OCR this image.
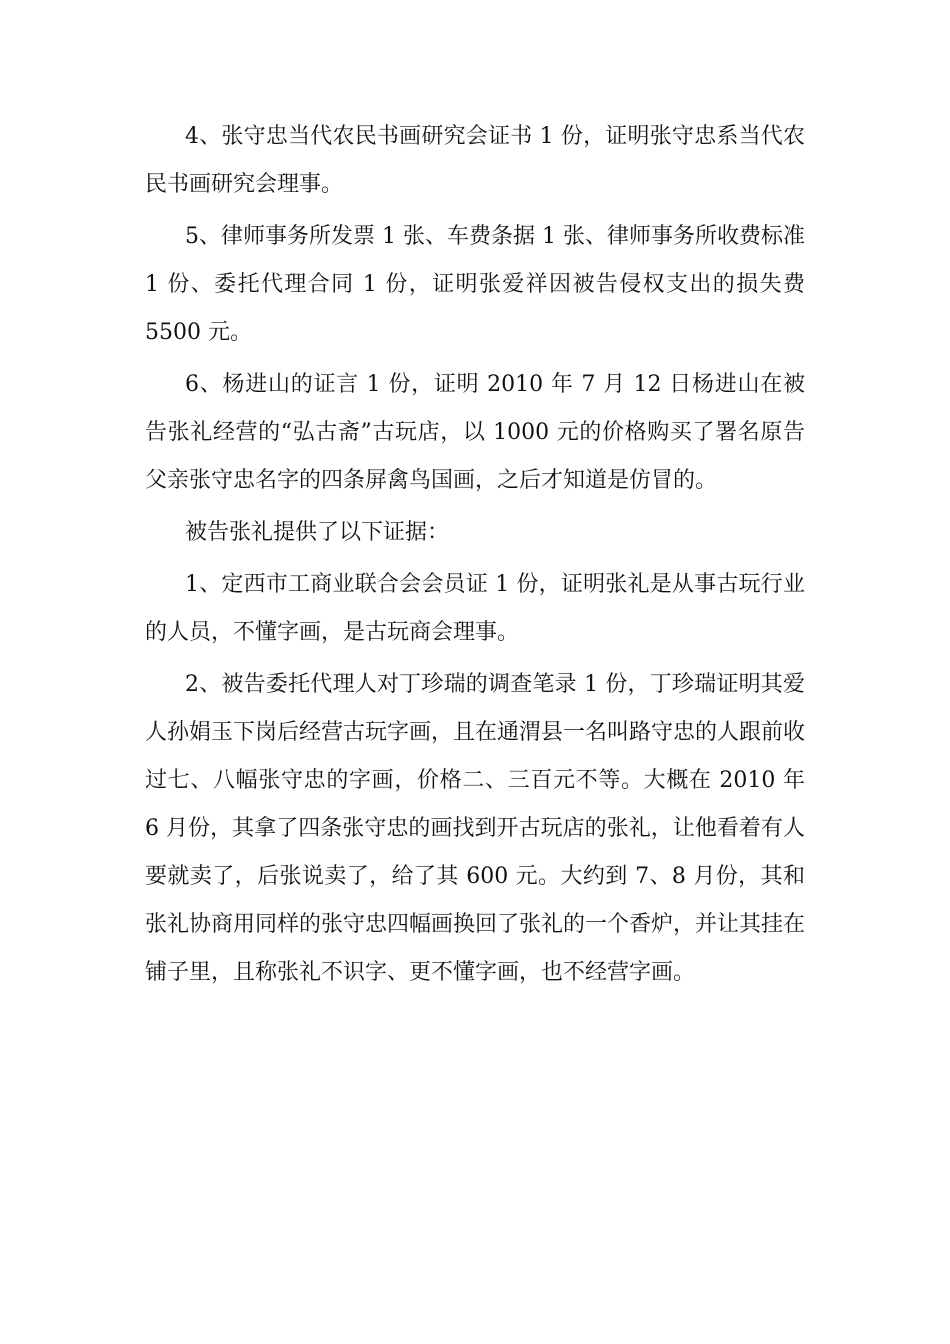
4、张守忠当代农民书画研究会证书 1 份，证明张守忠系当代农民书画研究会理事。

5、律师事务所发票 1 张、车费条据 1 张、律师事务所收费标准 1 份、委托代理合同 1 份，证明张爱祥因被告侵权支出的损失费 5500 元。

6、杨进山的证言 1 份，证明 2010 年 7 月 12 日杨进山在被告张礼经营的“弘古斋”古玩店，以 1000 元的价格购买了署名原告父亲张守忠名字的四条屏禽鸟国画，之后才知道是仿冒的。

被告张礼提供了以下证据：

1、定西市工商业联合会会员证 1 份，证明张礼是从事古玩行业的人员，不懂字画，是古玩商会理事。

2、被告委托代理人对丁珍瑞的调查笔录 1 份，丁珍瑞证明其爱人孙娟玉下岗后经营古玩字画，且在通渭县一名叫路守忠的人跟前收过七、八幅张守忠的字画，价格二、三百元不等。大概在 2010 年 6 月份，其拿了四条张守忠的画找到开古玩店的张礼，让他看着有人要就卖了，后张说卖了，给了其 600 元。大约到 7、8 月份，其和张礼协商用同样的张守忠四幅画换回了张礼的一个香炉，并让其挂在铺子里，且称张礼不识字、更不懂字画，也不经营字画。
